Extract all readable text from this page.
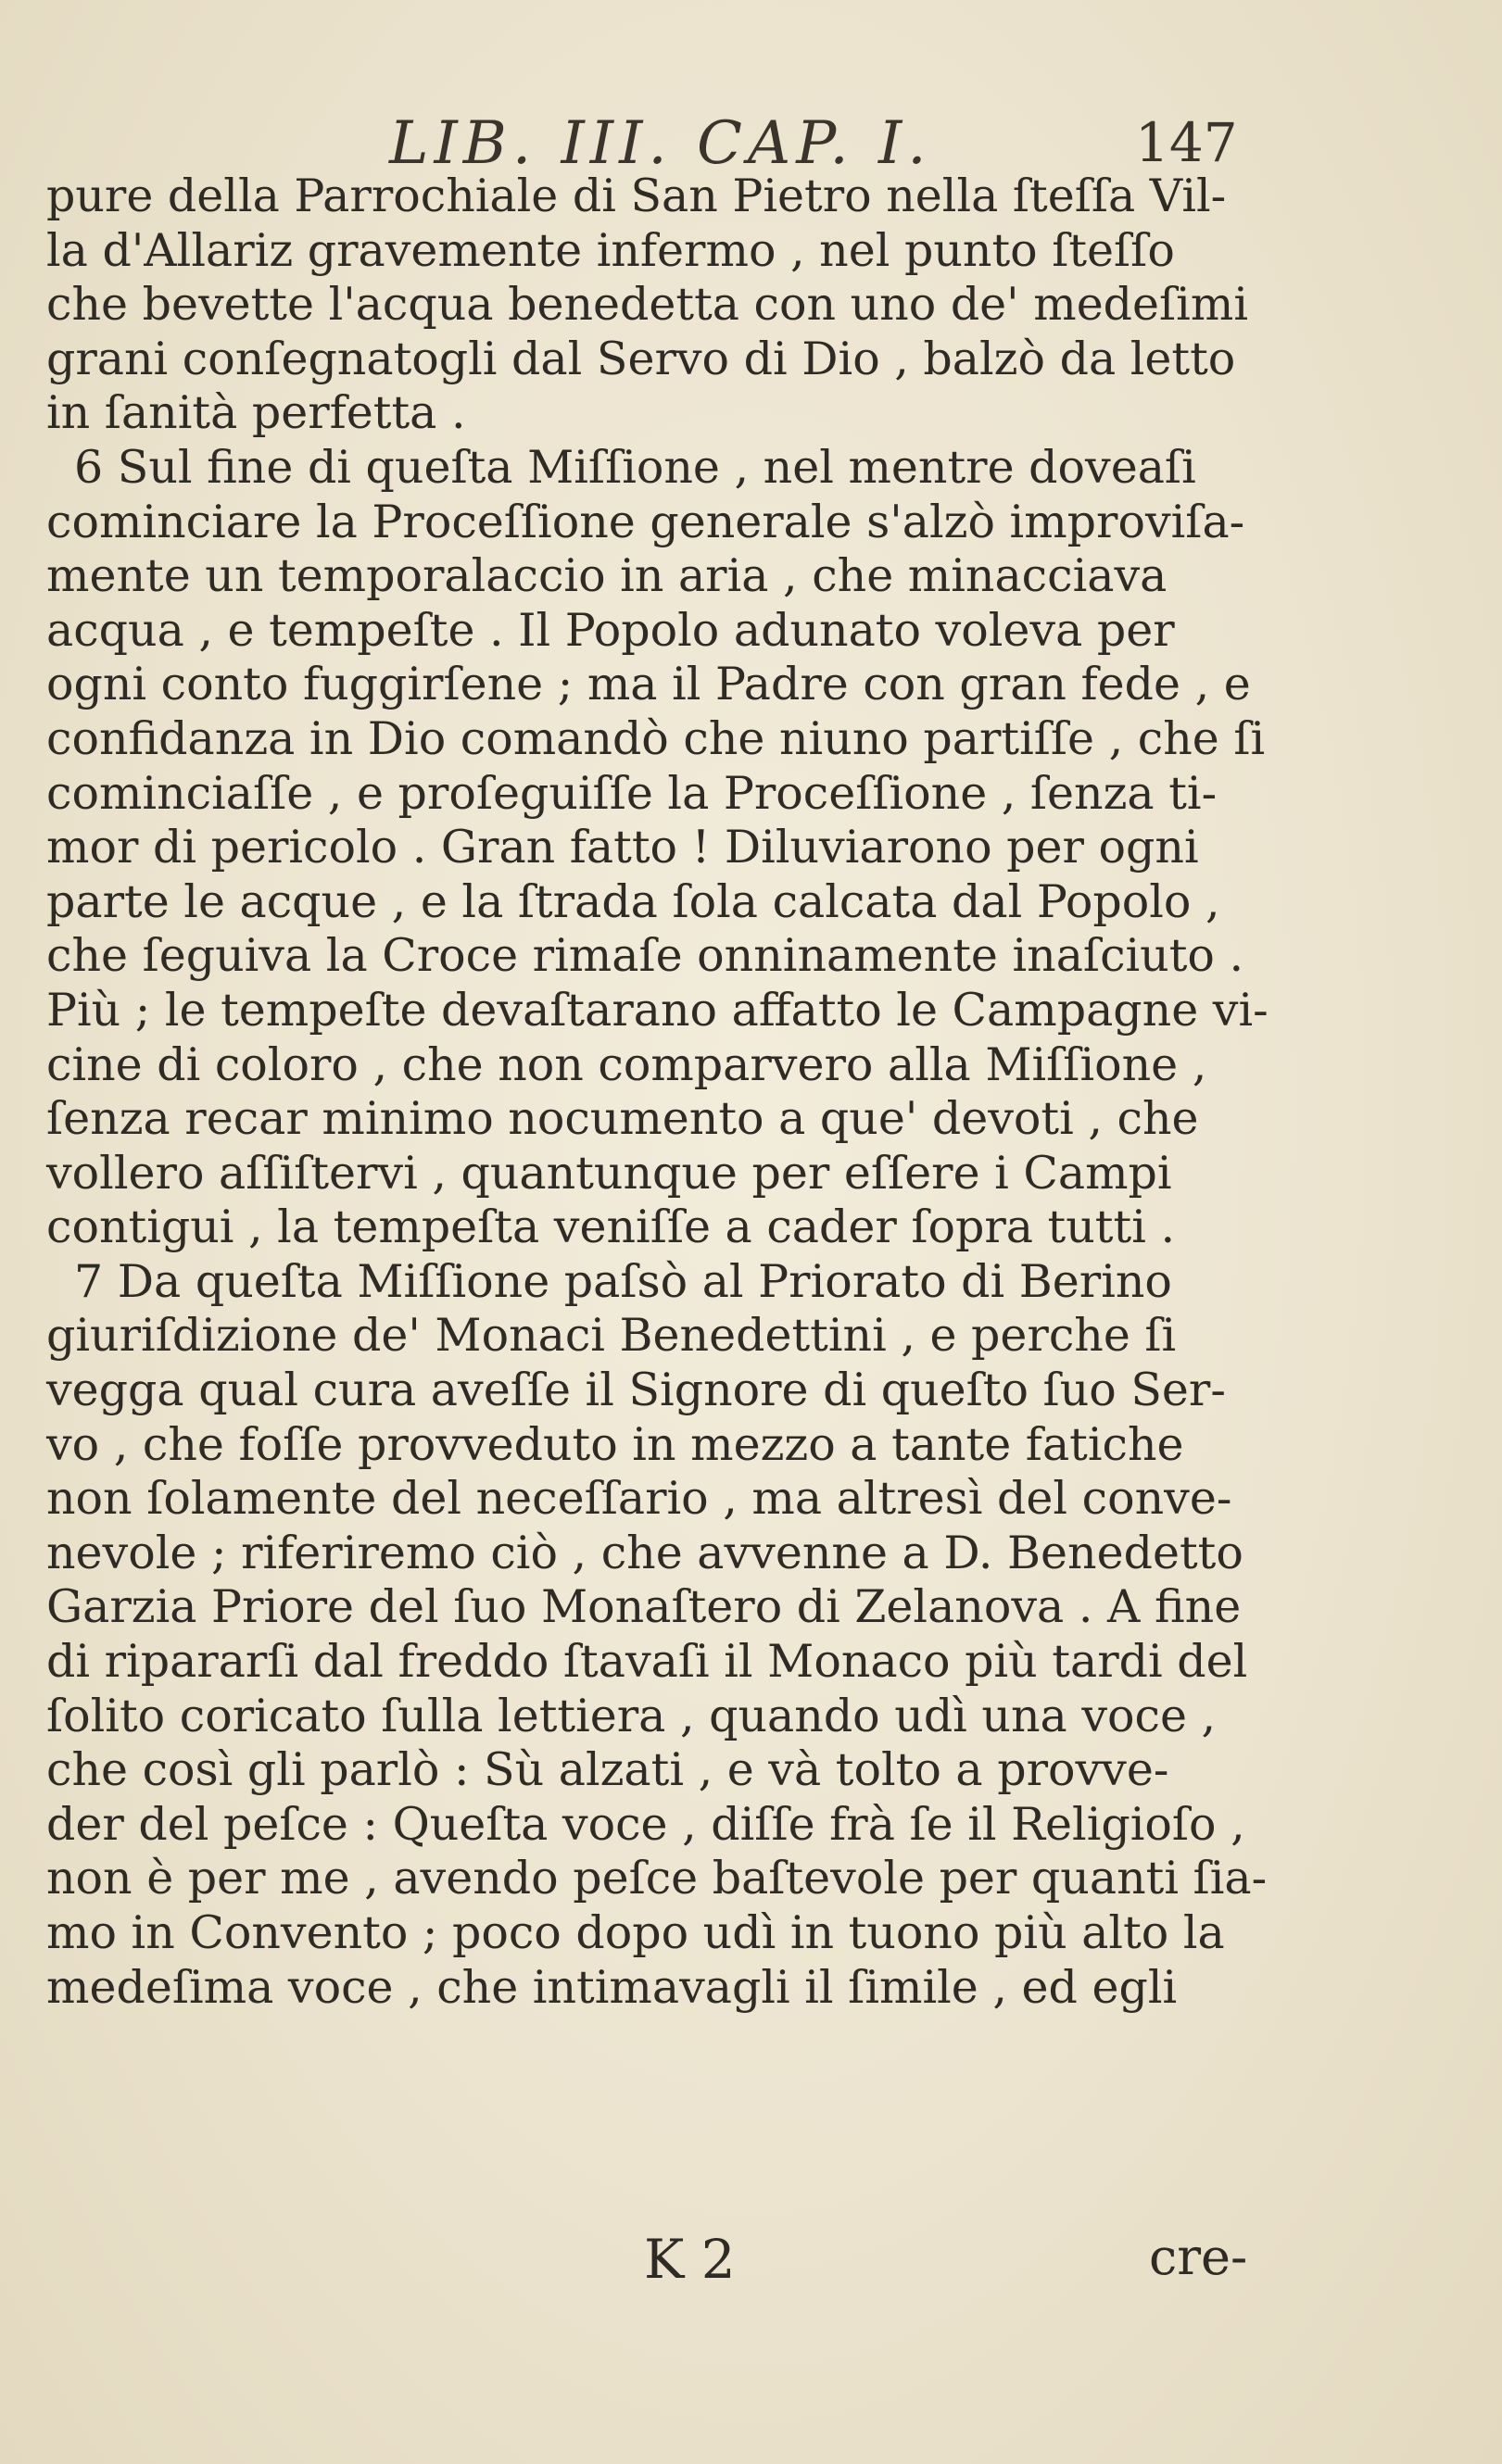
LIB. III. CAP. I.	147
pure della Parrochiale di San Pietro nella ſteſſa Vil-
la d'Allariz gravemente infermo , nel punto ſteſſo
che bevette l'acqua benedetta con uno de' medeſimi
grani conſegnatogli dal Servo di Dio , balzò da letto
in ſanità perfetta .
6 Sul fine di queſta Miſſione , nel mentre doveaſi
cominciare la Proceſſione generale s'alzò improviſa-
mente un temporalaccio in aria , che minacciava
acqua , e tempeſte . Il Popolo adunato voleva per
ogni conto fuggirſene ; ma il Padre con gran fede , e
confidanza in Dio comandò che niuno partiſſe , che ſi
cominciaſſe , e proſeguiſſe la Proceſſione , ſenza ti-
mor di pericolo . Gran fatto ! Diluviarono per ogni
parte le acque , e la ſtrada ſola calcata dal Popolo ,
che ſeguiva la Croce rimaſe onninamente inaſciuto .
Più ; le tempeſte devaſtarano affatto le Campagne vi-
cine di coloro , che non comparvero alla Miſſione ,
ſenza recar minimo nocumento a que' devoti , che
vollero aſſiſtervi , quantunque per eſſere i Campi
contigui , la tempeſta veniſſe a cader ſopra tutti .
7 Da queſta Miſſione paſsò al Priorato di Berino
giuriſdizione de' Monaci Benedettini , e perche ſi
vegga qual cura aveſſe il Signore di queſto ſuo Ser-
vo , che foſſe provveduto in mezzo a tante fatiche
non ſolamente del neceſſario , ma altresì del conve-
nevole ; riferiremo ciò , che avvenne a D. Benedetto
Garzia Priore del ſuo Monaſtero di Zelanova . A fine
di ripararſi dal freddo ſtavaſi il Monaco più tardi del
ſolito coricato ſulla lettiera , quando udì una voce ,
che così gli parlò : Sù alzati , e và tolto a provve-
der del peſce : Queſta voce , diſſe frà ſe il Religioſo ,
non è per me , avendo peſce baſtevole per quanti ſia-
mo in Convento ; poco dopo udì in tuono più alto la
medeſima voce , che intimavagli il ſimile , ed egli
K 2	cre-
